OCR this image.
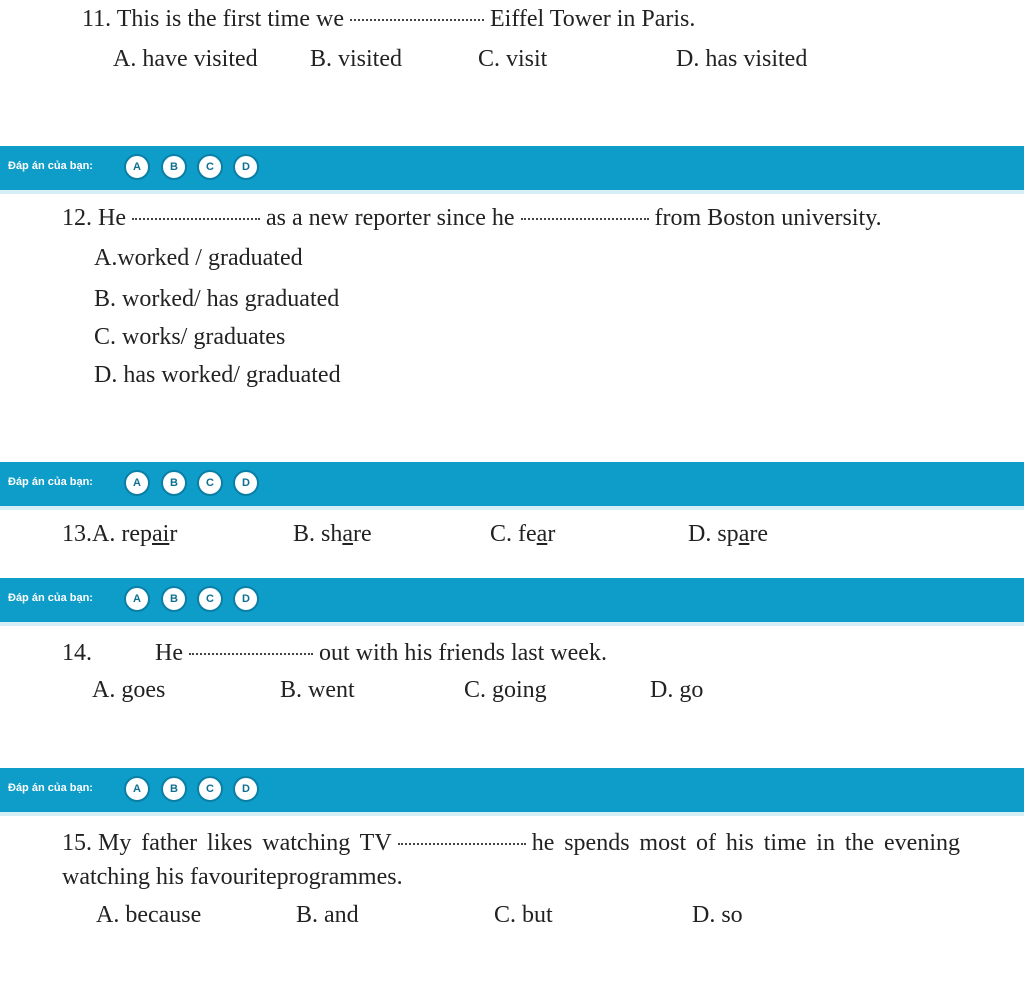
11. This is the first time we	Eiffel Tower in Paris.
A. have visited B. visited	C. visit	D. has visited
Đáp án của bạn:	A	B	C	D
12. He	as a new reporter since he	from Boston university.
A.worked / graduated
B. worked/ has graduated
C. works/ graduates
D. has worked/ graduated
Đáp án của bạn:	A	B	C	D
13.A. repair	B. share	C. fear	D. spare
Đáp án của bạn:	A	B	C	D
14.	He	out with his friends last week.
A. goes	B. went	C. going	D. go
Đáp án của bạn:	A	B	C	D
15. My father likes watching TV	he spends most of his time in the evening watching his favouriteprogrammes.
A. because	B. and	C. but	D. so
